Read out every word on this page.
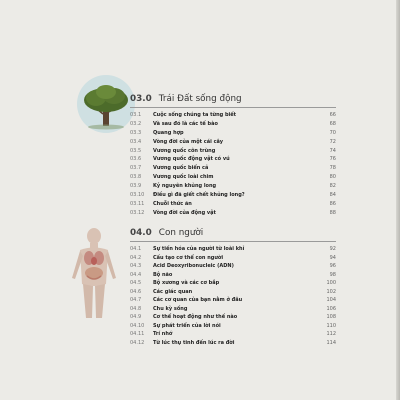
03.0 Trái Đất sống động
03.1	Cuộc sống chúng ta từng biết	66
03.2	Và sau đó là các tế bào	68
03.3	Quang hợp	70
03.4	Vòng đời của một cái cây	72
03.5	Vương quốc côn trùng	74
03.6	Vương quốc động vật có vú	76
03.7	Vương quốc biển cả	78
03.8	Vương quốc loài chim	80
03.9	Kỷ nguyên khủng long	82
03.10	Điều gì đã giết chết khủng long?	84
03.11	Chuỗi thức ăn	86
03.12	Vòng đời của động vật	88
04.0 Con người
04.1	Sự tiến hóa của người từ loài khỉ	92
04.2	Cấu tạo cơ thể con người	94
04.3	Acid Deoxyribonucleic (ADN)	96
04.4	Bộ não	98
04.5	Bộ xương và các cơ bắp	100
04.6	Các giác quan	102
04.7	Các cơ quan của bạn nằm ở đâu	104
04.8	Chu kỳ sống	106
04.9	Cơ thể hoạt động như thế nào	108
04.10	Sự phát triển của lời nói	110
04.11	Trí nhớ	112
04.12	Từ lúc thụ tinh đến lúc ra đời	114
